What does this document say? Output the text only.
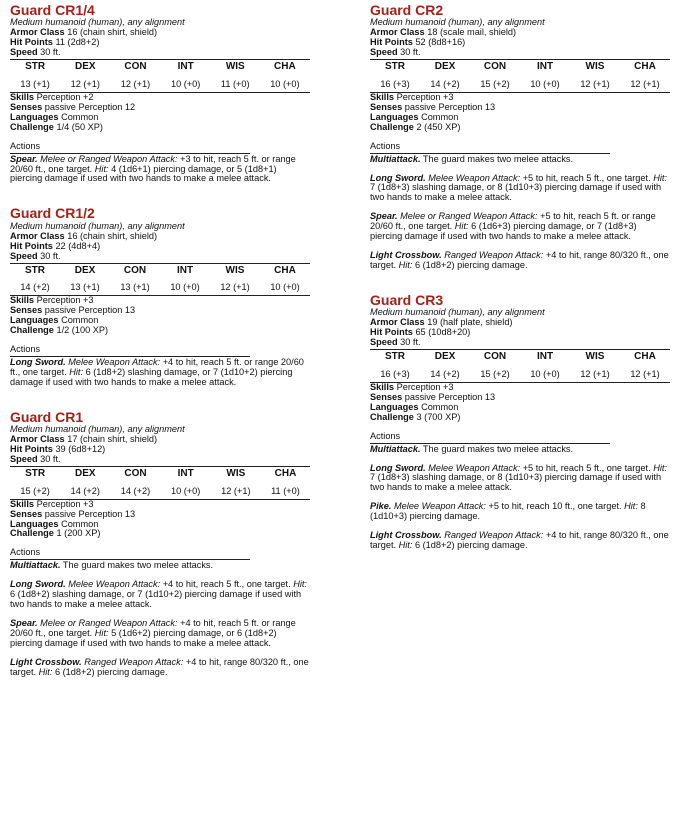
Guard CR1/4
Medium humanoid (human), any alignment
Armor Class 16 (chain shirt, shield)
Hit Points 11 (2d8+2)
Speed 30 ft.
STR	DEX	CON	INT	WIS	CHA
13 (+1)	12 (+1)	12 (+1)	10 (+0)	11 (+0)	10 (+0)
Skills Perception +2
Senses passive Perception 12
Languages Common
Challenge 1/4 (50 XP)
Actions
Spear. Melee or Ranged Weapon Attack: +3 to hit, reach 5 ft. or range 20/60 ft., one target. Hit: 4 (1d6+1) piercing damage, or 5 (1d8+1) piercing damage if used with two hands to make a melee attack.
Guard CR1/2
Medium humanoid (human), any alignment
Armor Class 16 (chain shirt, shield)
Hit Points 22 (4d8+4)
Speed 30 ft.
STR	DEX	CON	INT	WIS	CHA
14 (+2)	13 (+1)	13 (+1)	10 (+0)	12 (+1)	10 (+0)
Skills Perception +3
Senses passive Perception 13
Languages Common
Challenge 1/2 (100 XP)
Actions
Long Sword. Melee Weapon Attack: +4 to hit, reach 5 ft. or range 20/60 ft., one target. Hit: 6 (1d8+2) slashing damage, or 7 (1d10+2) piercing damage if used with two hands to make a melee attack.
Guard CR1
Medium humanoid (human), any alignment
Armor Class 17 (chain shirt, shield)
Hit Points 39 (6d8+12)
Speed 30 ft.
STR	DEX	CON	INT	WIS	CHA
15 (+2)	14 (+2)	14 (+2)	10 (+0)	12 (+1)	11 (+0)
Skills Perception +3
Senses passive Perception 13
Languages Common
Challenge 1 (200 XP)
Actions
Multiattack. The guard makes two melee attacks.
Long Sword. Melee Weapon Attack: +4 to hit, reach 5 ft., one target. Hit: 6 (1d8+2) slashing damage, or 7 (1d10+2) piercing damage if used with two hands to make a melee attack.
Spear. Melee or Ranged Weapon Attack: +4 to hit, reach 5 ft. or range 20/60 ft., one target. Hit: 5 (1d6+2) piercing damage, or 6 (1d8+2) piercing damage if used with two hands to make a melee attack.
Light Crossbow. Ranged Weapon Attack: +4 to hit, range 80/320 ft., one target. Hit: 6 (1d8+2) piercing damage.
Guard CR2
Medium humanoid (human), any alignment
Armor Class 18 (scale mail, shield)
Hit Points 52 (8d8+16)
Speed 30 ft.
STR	DEX	CON	INT	WIS	CHA
16 (+3)	14 (+2)	15 (+2)	10 (+0)	12 (+1)	12 (+1)
Skills Perception +3
Senses passive Perception 13
Languages Common
Challenge 2 (450 XP)
Actions
Multiattack. The guard makes two melee attacks.
Long Sword. Melee Weapon Attack: +5 to hit, reach 5 ft., one target. Hit: 7 (1d8+3) slashing damage, or 8 (1d10+3) piercing damage if used with two hands to make a melee attack.
Spear. Melee or Ranged Weapon Attack: +5 to hit, reach 5 ft. or range 20/60 ft., one target. Hit: 6 (1d6+3) piercing damage, or 7 (1d8+3) piercing damage if used with two hands to make a melee attack.
Light Crossbow. Ranged Weapon Attack: +4 to hit, range 80/320 ft., one target. Hit: 6 (1d8+2) piercing damage.
Guard CR3
Medium humanoid (human), any alignment
Armor Class 19 (half plate, shield)
Hit Points 65 (10d8+20)
Speed 30 ft.
STR	DEX	CON	INT	WIS	CHA
16 (+3)	14 (+2)	15 (+2)	10 (+0)	12 (+1)	12 (+1)
Skills Perception +3
Senses passive Perception 13
Languages Common
Challenge 3 (700 XP)
Actions
Multiattack. The guard makes two melee attacks.
Long Sword. Melee Weapon Attack: +5 to hit, reach 5 ft., one target. Hit: 7 (1d8+3) slashing damage, or 8 (1d10+3) piercing damage if used with two hands to make a melee attack.
Pike. Melee Weapon Attack: +5 to hit, reach 10 ft., one target. Hit: 8 (1d10+3) piercing damage.
Light Crossbow. Ranged Weapon Attack: +4 to hit, range 80/320 ft., one target. Hit: 6 (1d8+2) piercing damage.
